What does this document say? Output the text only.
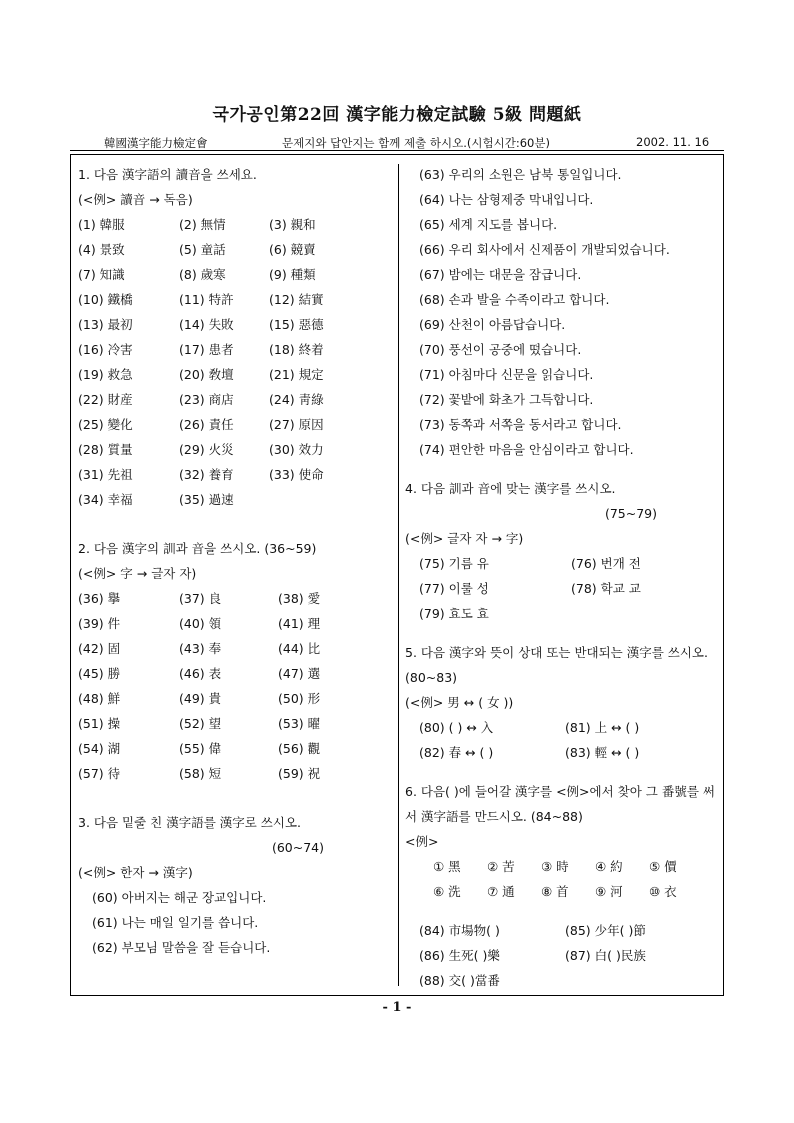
국가공인第22回 漢字能力檢定試驗 5級 問題紙
韓國漢字能力檢定會	문제지와 답안지는 함께 제출 하시오.(시험시간:60분)	2002. 11. 16
1. 다음 漢字語의 讀音을 쓰세요.
(<例> 讀音 → 독음)
(1) 韓服	(2) 無情	(3) 親和
(4) 景致	(5) 童話	(6) 競賣
(7) 知識	(8) 歲寒	(9) 種類
(10) 鐵橋	(11) 特許	(12) 結實
(13) 最初	(14) 失敗	(15) 惡德
(16) 冷害	(17) 患者	(18) 終着
(19) 救急	(20) 敎壇	(21) 規定
(22) 財産	(23) 商店	(24) 靑綠
(25) 變化	(26) 責任	(27) 原因
(28) 質量	(29) 火災	(30) 效力
(31) 先祖	(32) 養育	(33) 使命
(34) 幸福	(35) 過速
2. 다음 漢字의 訓과 音을 쓰시오. (36~59)
(<例> 字 → 글자 자)
(36) 擧	(37) 良	(38) 愛
(39) 件	(40) 領	(41) 理
(42) 固	(43) 奉	(44) 比
(45) 勝	(46) 表	(47) 選
(48) 鮮	(49) 貴	(50) 形
(51) 操	(52) 望	(53) 曜
(54) 湖	(55) 偉	(56) 觀
(57) 待	(58) 短	(59) 祝
3. 다음 밑줄 친 漢字語를 漢字로 쓰시오.
(60~74)
(<例> 한자 → 漢字)
(60) 아버지는 해군 장교입니다.
(61) 나는 매일 일기를 씁니다.
(62) 부모님 말씀을 잘 듣습니다.
(63) 우리의 소원은 남북 통일입니다.
(64) 나는 삼형제중 막내입니다.
(65) 세계 지도를 봅니다.
(66) 우리 회사에서 신제품이 개발되었습니다.
(67) 밤에는 대문을 잠급니다.
(68) 손과 발을 수족이라고 합니다.
(69) 산천이 아름답습니다.
(70) 풍선이 공중에 떴습니다.
(71) 아침마다 신문을 읽습니다.
(72) 꽃밭에 화초가 그득합니다.
(73) 동쪽과 서쪽을 동서라고 합니다.
(74) 편안한 마음을 안심이라고 합니다.
4. 다음 訓과 音에 맞는 漢字를 쓰시오.
(75~79)
(<例> 글자 자 → 字)
(75) 기름 유	(76) 번개 전
(77) 이룰 성	(78) 학교 교
(79) 효도 효
5. 다음 漢字와 뜻이 상대 또는 반대되는 漢字를 쓰시오. (80~83)
(<例> 男 ↔ ( 女 ))
(80) ( ) ↔ 入	(81) 上 ↔ ( )
(82) 春 ↔ ( )	(83) 輕 ↔ ( )
6. 다음( )에 들어갈 漢字를 <例>에서 찾아 그 番號를 써서 漢字語를 만드시오. (84~88)
<例>
① 黑	② 苦	③ 時	④ 約	⑤ 價
⑥ 洗	⑦ 通	⑧ 首	⑨ 河	⑩ 衣
(84) 市場物( )	(85) 少年( )節
(86) 生死( )樂	(87) 白( )民族
(88) 交( )當番
- 1 -
